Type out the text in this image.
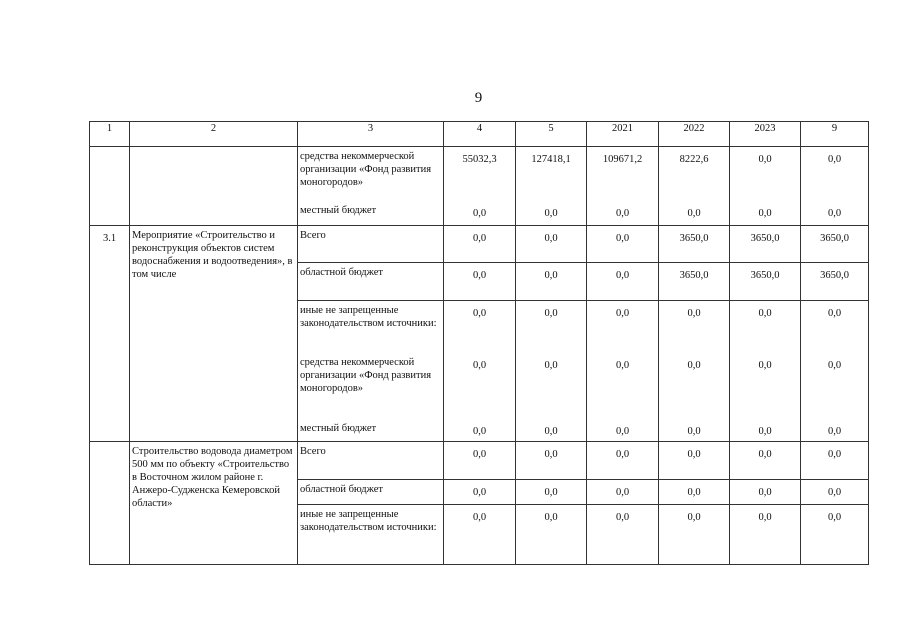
9
1	2	3	4	5	2021	2022	2023	9
		средства некоммерческой организации «Фонд развития моногородов»	55032,3	127418,1	109671,2	8222,6	0,0	0,0
		местный бюджет	0,0	0,0	0,0	0,0	0,0	0,0
3.1	Мероприятие «Строительство и реконструкция объектов систем водоснабжения и водоотведения», в том числе	Всего	0,0	0,0	0,0	3650,0	3650,0	3650,0
		областной бюджет	0,0	0,0	0,0	3650,0	3650,0	3650,0
		иные не запрещенные законодательством источники:	0,0	0,0	0,0	0,0	0,0	0,0
		средства некоммерческой организации «Фонд развития моногородов»	0,0	0,0	0,0	0,0	0,0	0,0
		местный бюджет	0,0	0,0	0,0	0,0	0,0	0,0
	Строительство водовода диаметром 500 мм по объекту «Строительство в Восточном жилом районе г. Анжеро-Судженска Кемеровской области»	Всего	0,0	0,0	0,0	0,0	0,0	0,0
		областной бюджет	0,0	0,0	0,0	0,0	0,0	0,0
		иные не запрещенные законодательством источники:	0,0	0,0	0,0	0,0	0,0	0,0
